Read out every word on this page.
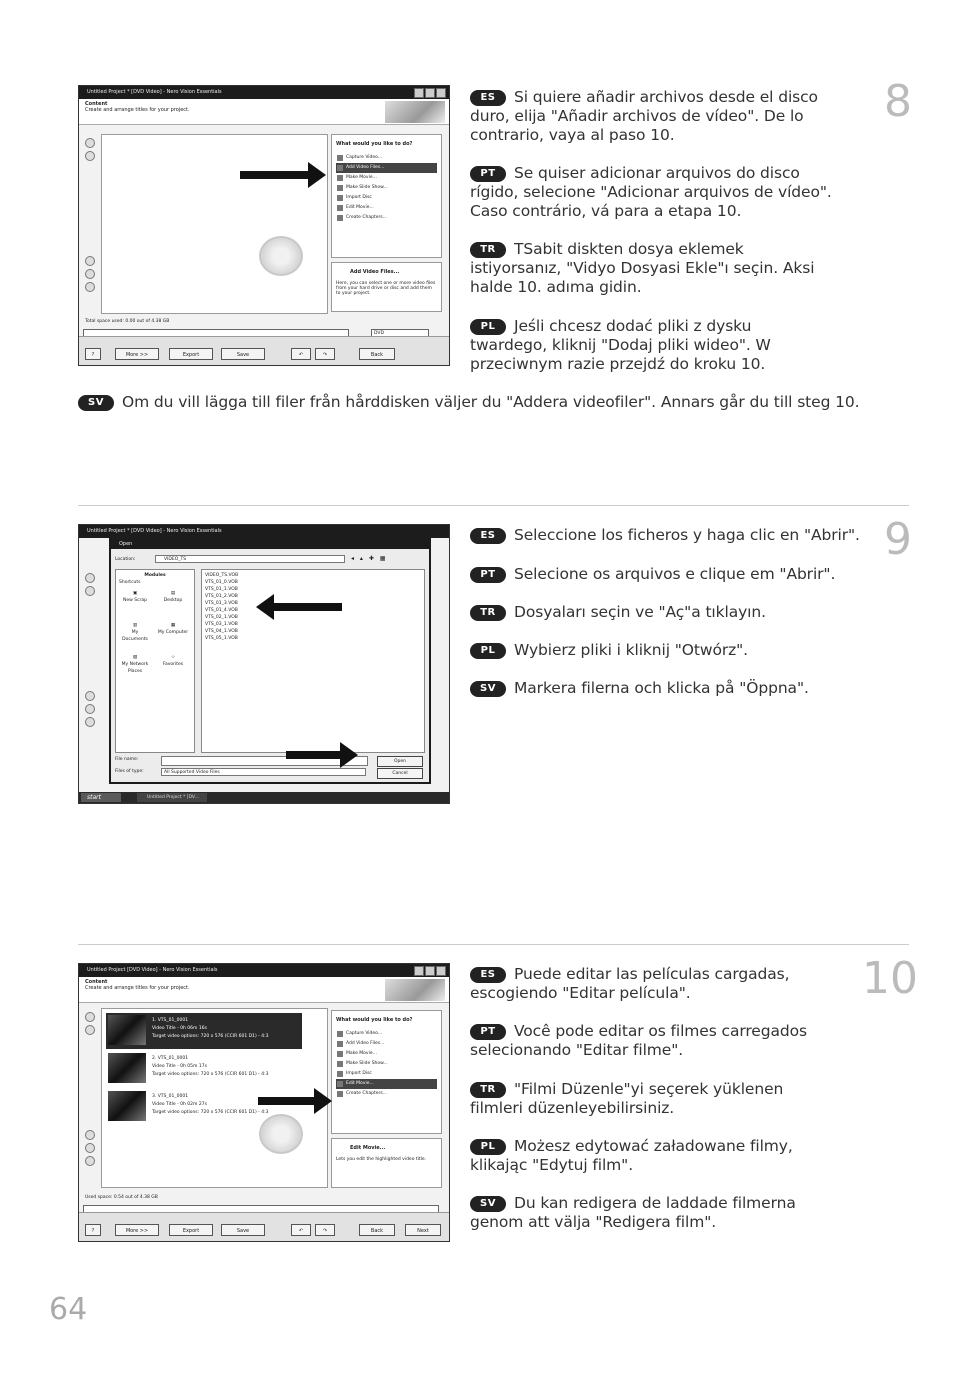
Untitled Project * [DVD Video] - Nero Vision Essentials
Content
Create and arrange titles for your project.
What would you like to do?
Capture Video...
Add Video Files...
Make Movie...
Make Slide Show...
Import Disc
Edit Movie...
Create Chapters...
Add Video Files...
Here, you can select one or more video files from your hard drive or disc and add them to your project.
Total space used: 0.00 out of 4.38 GB
DVD
?	More >>	Export	Save	↶	↷	Back
Untitled Project * [DVD Video] - Nero Vision Essentials
Open
Location:	VIDEO_TS	◂ ▴ ✚ ▦
Modules
Shortcuts
▣
New Scrap
▤
Desktop
▥
My Documents
▦
My Computer
▧
My Network Places
☆
Favorites
VIDEO_TS.VOB
VTS_01_0.VOB
VTS_01_1.VOB
VTS_01_2.VOB
VTS_01_3.VOB
VTS_01_4.VOB
VTS_02_1.VOB
VTS_03_1.VOB
VTS_04_1.VOB
VTS_05_1.VOB
File name:
Files of type:	All Supported Video Files
Open
Cancel
start	Untitled Project * [DV...
Untitled Project [DVD Video] - Nero Vision Essentials
Content
Create and arrange titles for your project.
1. VTS_01_0001
Video Title - 0h 06m 16s
Target video options: 720 x 576 (CCIR 601 D1) - 4:3
2. VTS_01_0001
Video Title - 0h 05m 17s
Target video options: 720 x 576 (CCIR 601 D1) - 4:3
3. VTS_01_0001
Video Title - 0h 02m 27s
Target video options: 720 x 576 (CCIR 601 D1) - 4:3
What would you like to do?
Capture Video...
Add Video Files...
Make Movie...
Make Slide Show...
Import Disc
Edit Movie...
Create Chapters...
Edit Movie...
Lets you edit the highlighted video title.
Used space: 0.54 out of 4.38 GB
?	More >>	Export	Save	↶	↷	Back	Next
8
ES Si quiere añadir archivos desde el disco duro, elija "Añadir archivos de vídeo". De lo contrario, vaya al paso 10.
PT Se quiser adicionar arquivos do disco rígido, selecione "Adicionar arquivos de vídeo". Caso contrário, vá para a etapa 10.
TR TSabit diskten dosya eklemek istiyorsanız, "Vidyo Dosyasi Ekle"ı seçin. Aksi halde 10. adıma gidin.
PL Jeśli chcesz dodać pliki z dysku twardego, kliknij "Dodaj pliki wideo". W przeciwnym razie przejdź do kroku 10.
SV Om du vill lägga till filer från hårddisken väljer du "Addera videofiler". Annars går du till steg 10.
9
ES Seleccione los ficheros y haga clic en "Abrir".
PT Selecione os arquivos e clique em "Abrir".
TR Dosyaları seçin ve "Aç"a tıklayın.
PL Wybierz pliki i kliknij "Otwórz".
SV Markera filerna och klicka på "Öppna".
10
ES Puede editar las películas cargadas, escogiendo "Editar película".
PT Você pode editar os filmes carregados selecionando "Editar filme".
TR "Filmi Düzenle"yi seçerek yüklenen filmleri düzenleyebilirsiniz.
PL Możesz edytować załadowane filmy, klikając "Edytuj film".
SV Du kan redigera de laddade filmerna genom att välja "Redigera film".
64
